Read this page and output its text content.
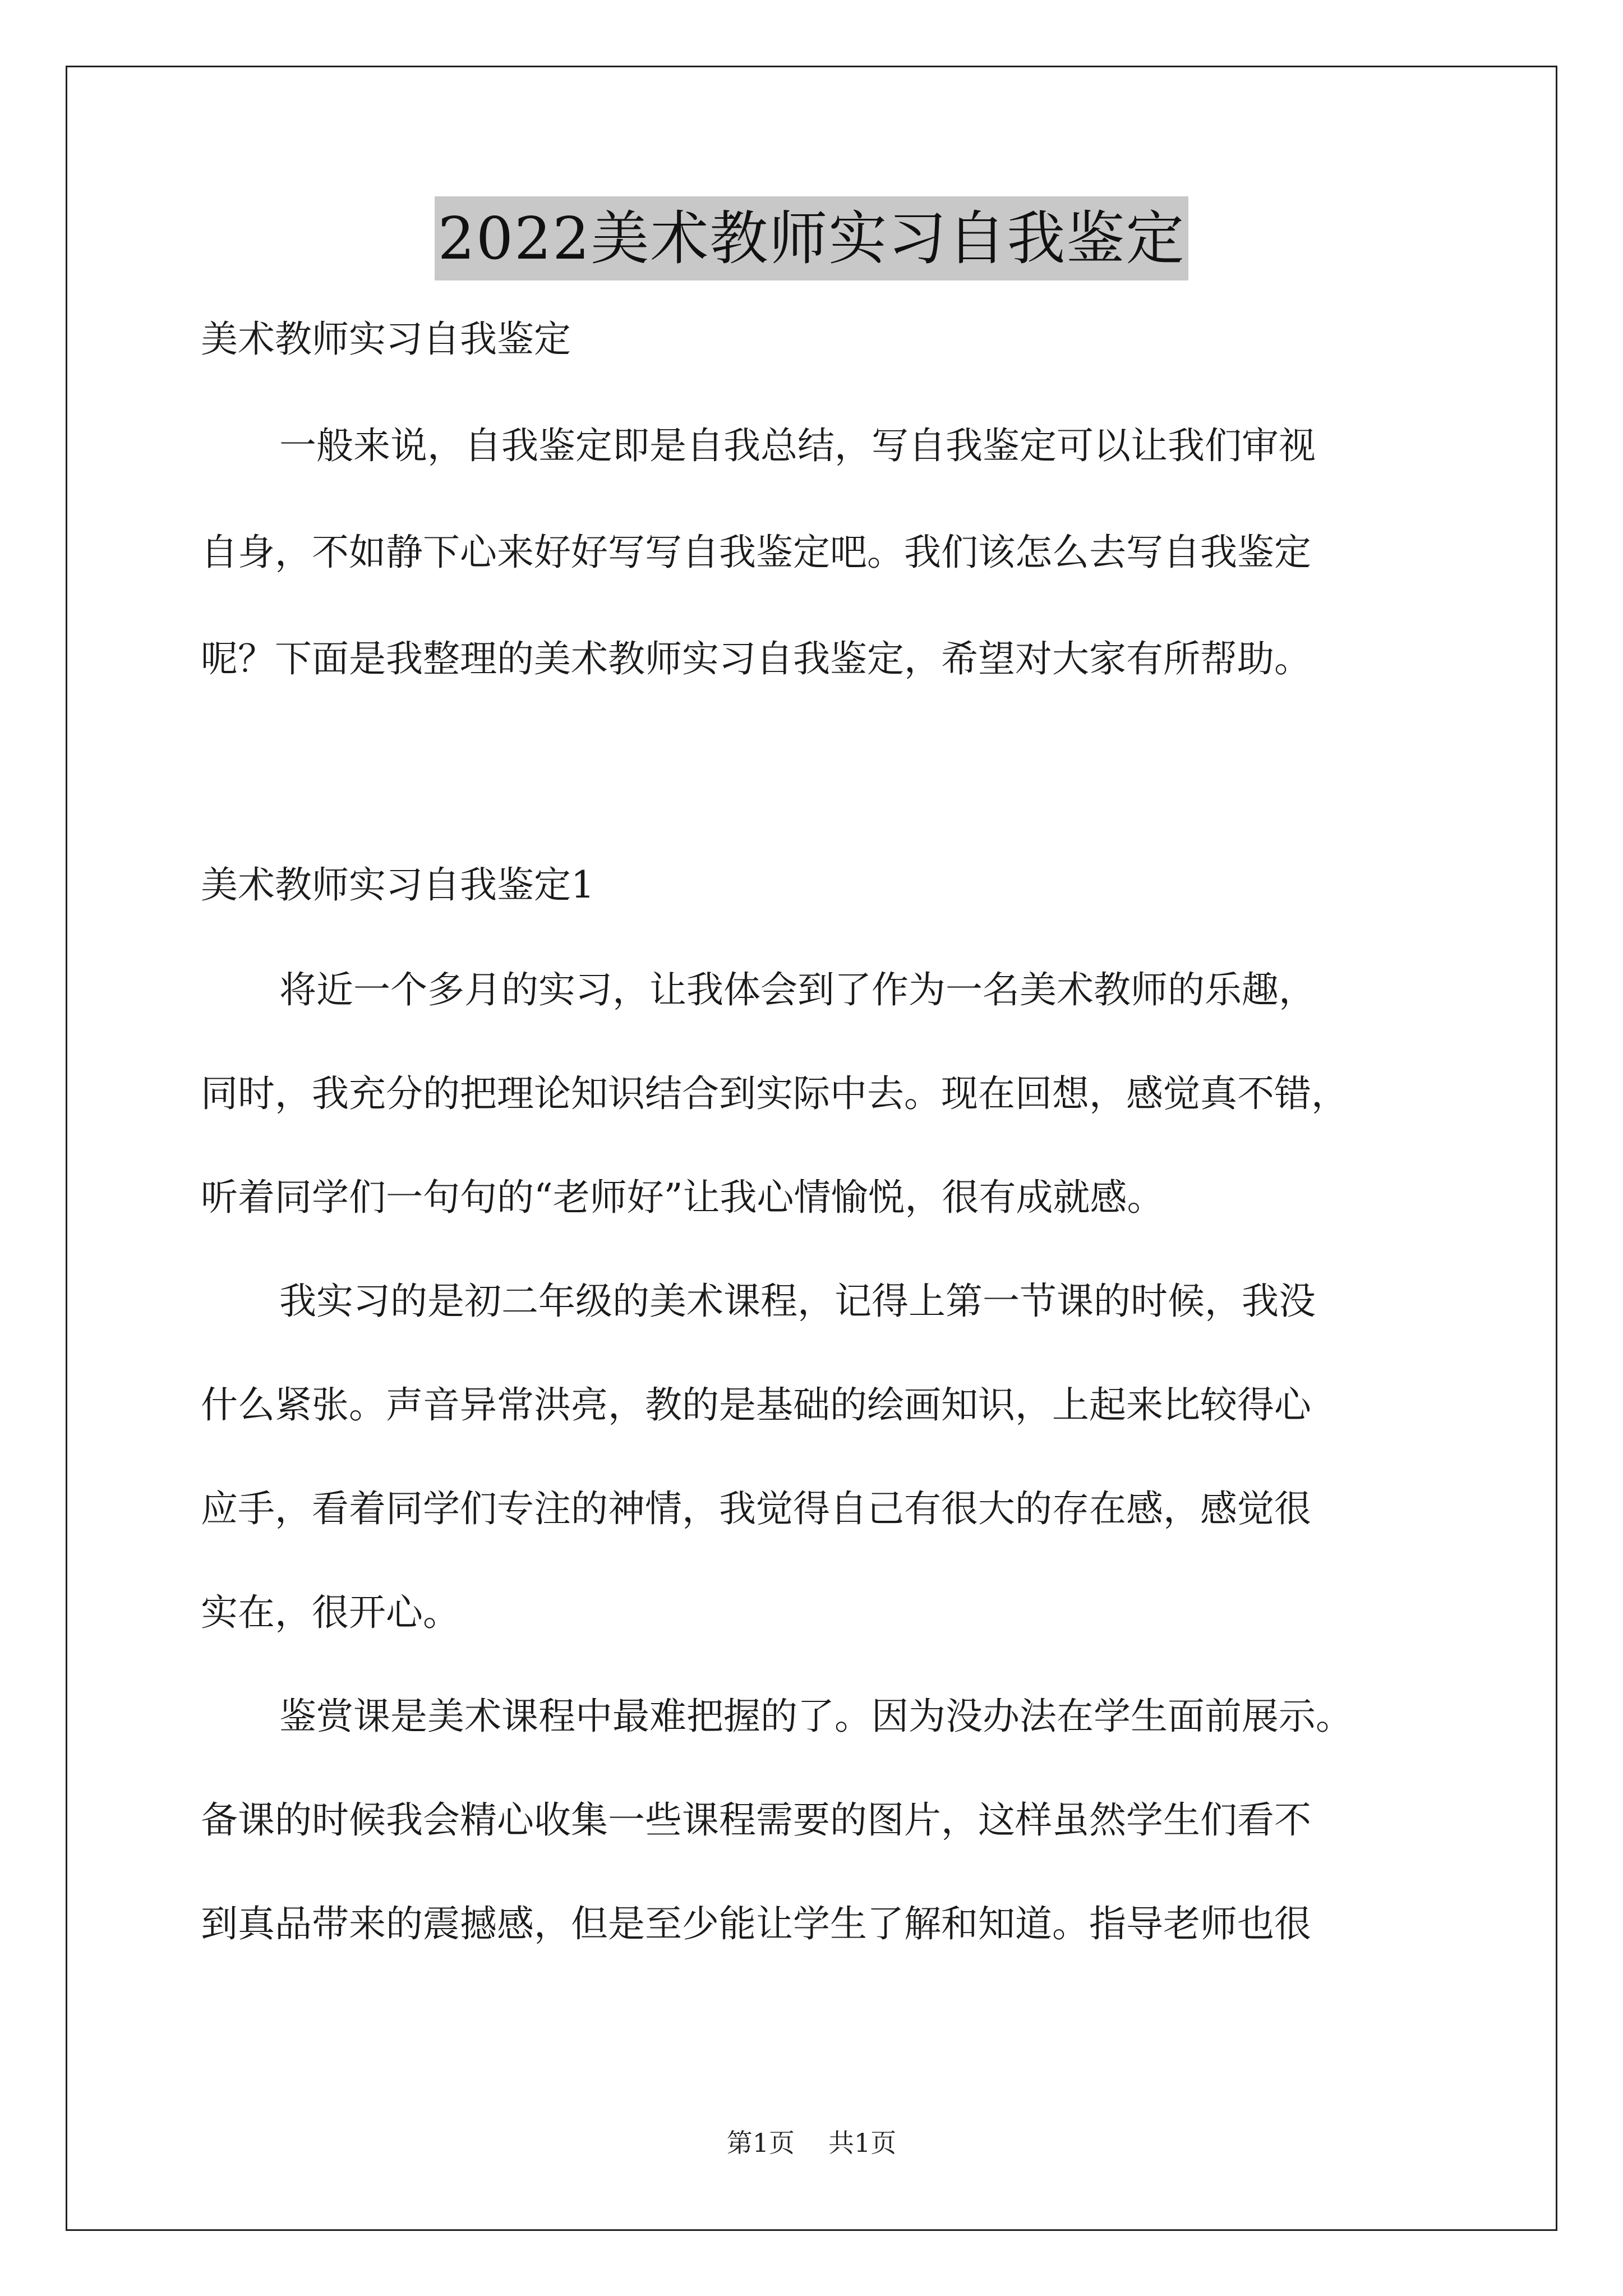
2022美术教师实习自我鉴定
美术教师实习自我鉴定
一般来说，自我鉴定即是自我总结，写自我鉴定可以让我们审视
自身，不如静下心来好好写写自我鉴定吧。我们该怎么去写自我鉴定
呢？下面是我整理的美术教师实习自我鉴定，希望对大家有所帮助。
美术教师实习自我鉴定1
将近一个多月的实习，让我体会到了作为一名美术教师的乐趣，
同时，我充分的把理论知识结合到实际中去。现在回想，感觉真不错，
听着同学们一句句的“老师好”让我心情愉悦，很有成就感。
我实习的是初二年级的美术课程，记得上第一节课的时候，我没
什么紧张。声音异常洪亮，教的是基础的绘画知识，上起来比较得心
应手，看着同学们专注的神情，我觉得自己有很大的存在感，感觉很
实在，很开心。
鉴赏课是美术课程中最难把握的了。因为没办法在学生面前展示。
备课的时候我会精心收集一些课程需要的图片，这样虽然学生们看不
到真品带来的震撼感，但是至少能让学生了解和知道。指导老师也很
第1页 共1页
